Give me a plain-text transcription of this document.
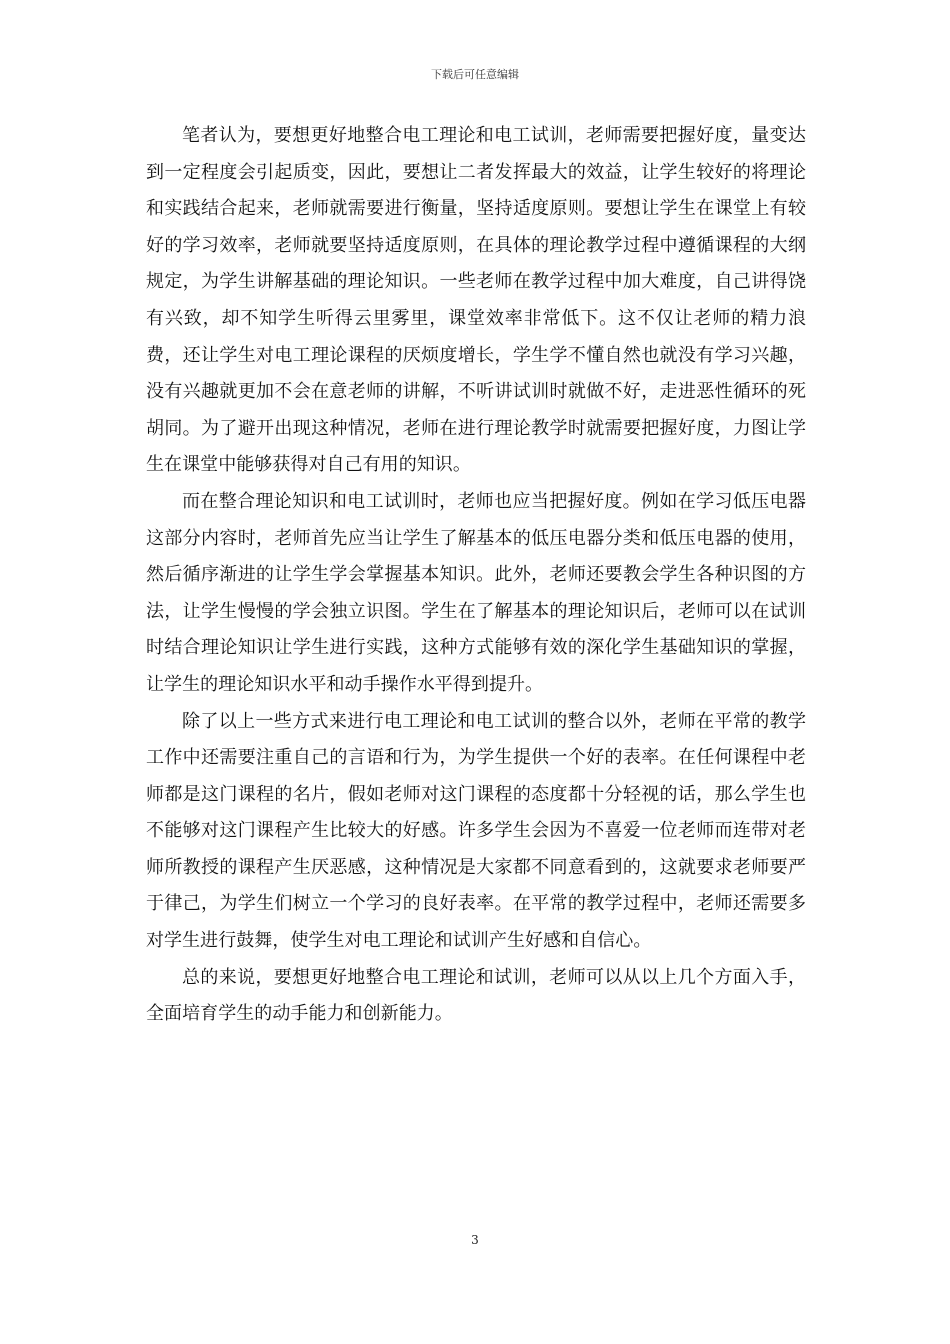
下载后可任意编辑

笔者认为，要想更好地整合电工理论和电工试训，老师需要把握好度，量变达到一定程度会引起质变，因此，要想让二者发挥最大的效益，让学生较好的将理论和实践结合起来，老师就需要进行衡量，坚持适度原则。要想让学生在课堂上有较好的学习效率，老师就要坚持适度原则，在具体的理论教学过程中遵循课程的大纲规定，为学生讲解基础的理论知识。一些老师在教学过程中加大难度，自己讲得饶有兴致，却不知学生听得云里雾里，课堂效率非常低下。这不仅让老师的精力浪费，还让学生对电工理论课程的厌烦度增长，学生学不懂自然也就没有学习兴趣，没有兴趣就更加不会在意老师的讲解，不听讲试训时就做不好，走进恶性循环的死胡同。为了避开出现这种情况，老师在进行理论教学时就需要把握好度，力图让学生在课堂中能够获得对自己有用的知识。

而在整合理论知识和电工试训时，老师也应当把握好度。例如在学习低压电器这部分内容时，老师首先应当让学生了解基本的低压电器分类和低压电器的使用，然后循序渐进的让学生学会掌握基本知识。此外，老师还要教会学生各种识图的方法，让学生慢慢的学会独立识图。学生在了解基本的理论知识后，老师可以在试训时结合理论知识让学生进行实践，这种方式能够有效的深化学生基础知识的掌握，让学生的理论知识水平和动手操作水平得到提升。

除了以上一些方式来进行电工理论和电工试训的整合以外，老师在平常的教学工作中还需要注重自己的言语和行为，为学生提供一个好的表率。在任何课程中老师都是这门课程的名片，假如老师对这门课程的态度都十分轻视的话，那么学生也不能够对这门课程产生比较大的好感。许多学生会因为不喜爱一位老师而连带对老师所教授的课程产生厌恶感，这种情况是大家都不同意看到的，这就要求老师要严于律己，为学生们树立一个学习的良好表率。在平常的教学过程中，老师还需要多对学生进行鼓舞，使学生对电工理论和试训产生好感和自信心。

总的来说，要想更好地整合电工理论和试训，老师可以从以上几个方面入手，全面培育学生的动手能力和创新能力。

3
